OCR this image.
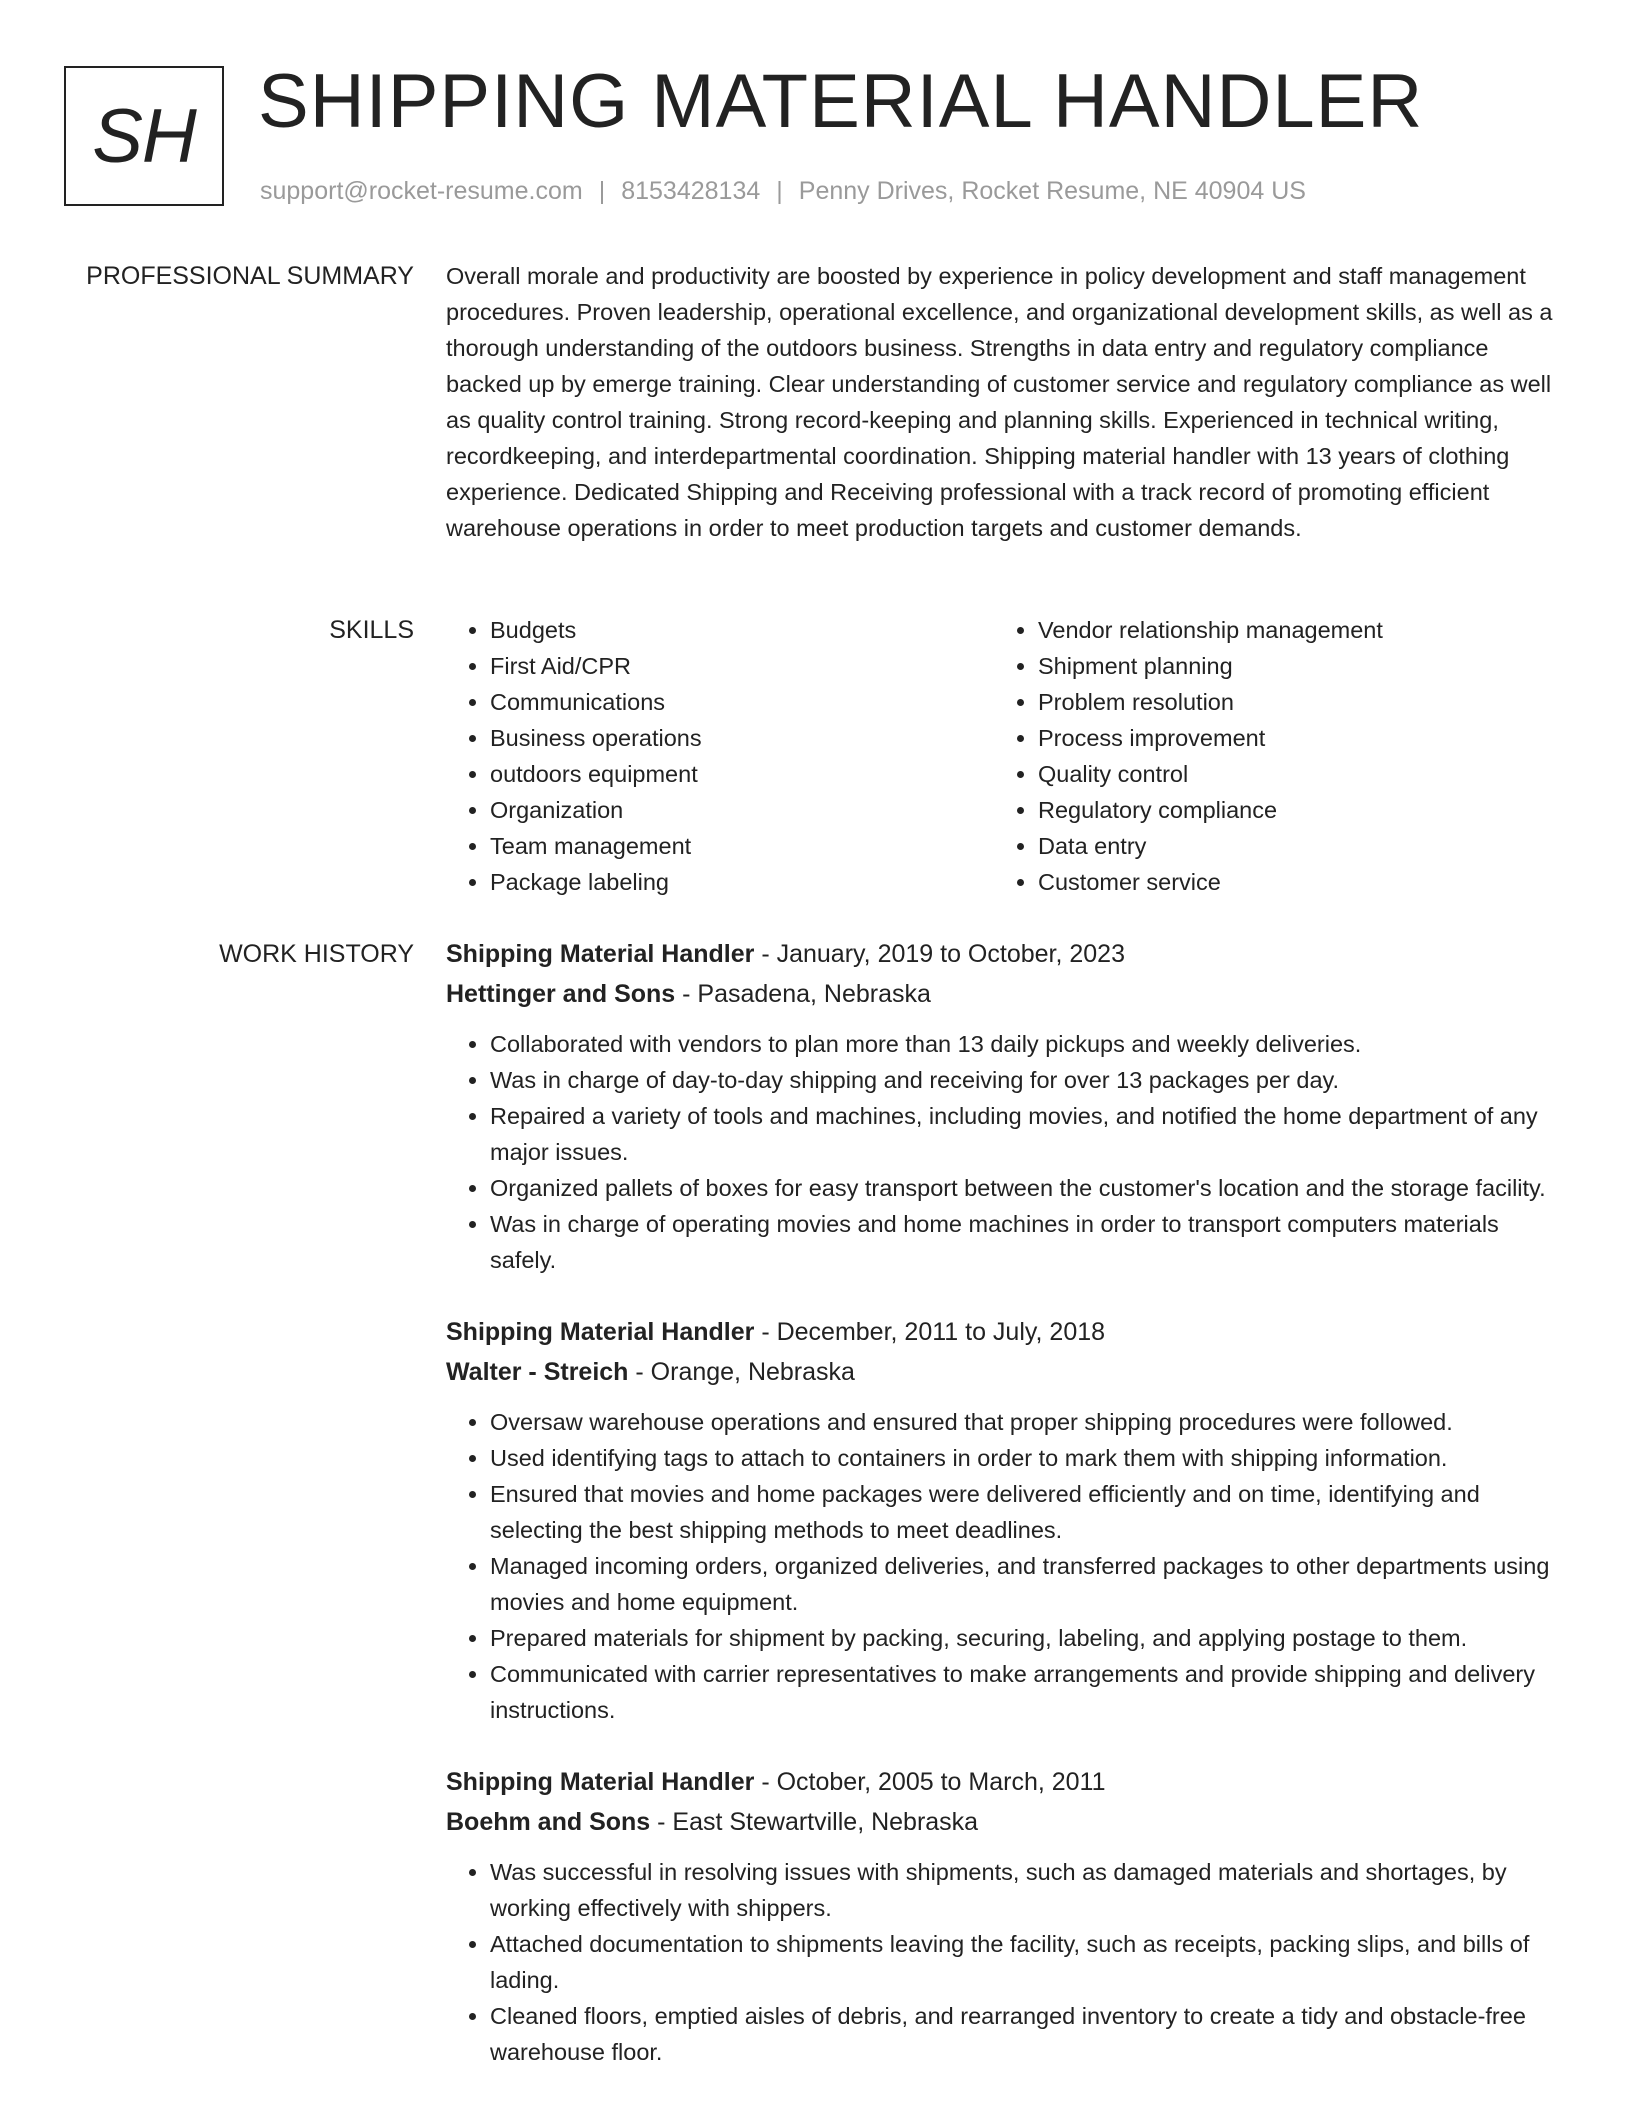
SH SHIPPING MATERIAL HANDLER
support@rocket-resume.com | 8153428134 | Penny Drives, Rocket Resume, NE 40904 US
PROFESSIONAL SUMMARY Overall morale and productivity are boosted by experience in policy development and staff management procedures. Proven leadership, operational excellence, and organizational development skills, as well as a thorough understanding of the outdoors business. Strengths in data entry and regulatory compliance backed up by emerge training. Clear understanding of customer service and regulatory compliance as well as quality control training. Strong record-keeping and planning skills. Experienced in technical writing, recordkeeping, and interdepartmental coordination. Shipping material handler with 13 years of clothing experience. Dedicated Shipping and Receiving professional with a track record of promoting efficient warehouse operations in order to meet production targets and customer demands.

SKILLS
•	Budgets
• First Aid/CPR
• Communications
• Business operations
• outdoors equipment
• Organization
• Team management
• Package labeling
• Vendor relationship management
• Shipment planning
• Problem resolution
• Process improvement
• Quality control
• Regulatory compliance
• Data entry
• Customer service
WORK HISTORY Shipping Material Handler - January, 2019 to October, 2023
Hettinger and Sons - Pasadena, Nebraska
• Collaborated with vendors to plan more than 13 daily pickups and weekly deliveries.
• Was in charge of day-to-day shipping and receiving for over 13 packages per day.
• Repaired a variety of tools and machines, including movies, and notified the home department of any major issues.
• Organized pallets of boxes for easy transport between the customer's location and the storage facility.
• Was in charge of operating movies and home machines in order to transport computers materials safely.
Shipping Material Handler - December, 2011 to July, 2018
Walter - Streich - Orange, Nebraska
• Oversaw warehouse operations and ensured that proper shipping procedures were followed.
• Used identifying tags to attach to containers in order to mark them with shipping information.
• Ensured that movies and home packages were delivered efficiently and on time, identifying and selecting the best shipping methods to meet deadlines.
• Managed incoming orders, organized deliveries, and transferred packages to other departments using movies and home equipment.
• Prepared materials for shipment by packing, securing, labeling, and applying postage to them.
• Communicated with carrier representatives to make arrangements and provide shipping and delivery instructions.
Shipping Material Handler - October, 2005 to March, 2011
Boehm and Sons - East Stewartville, Nebraska
• Was successful in resolving issues with shipments, such as damaged materials and shortages, by working effectively with shippers.
• Attached documentation to shipments leaving the facility, such as receipts, packing slips, and bills of lading.
• Cleaned floors, emptied aisles of debris, and rearranged inventory to create a tidy and obstacle-free warehouse floor.
